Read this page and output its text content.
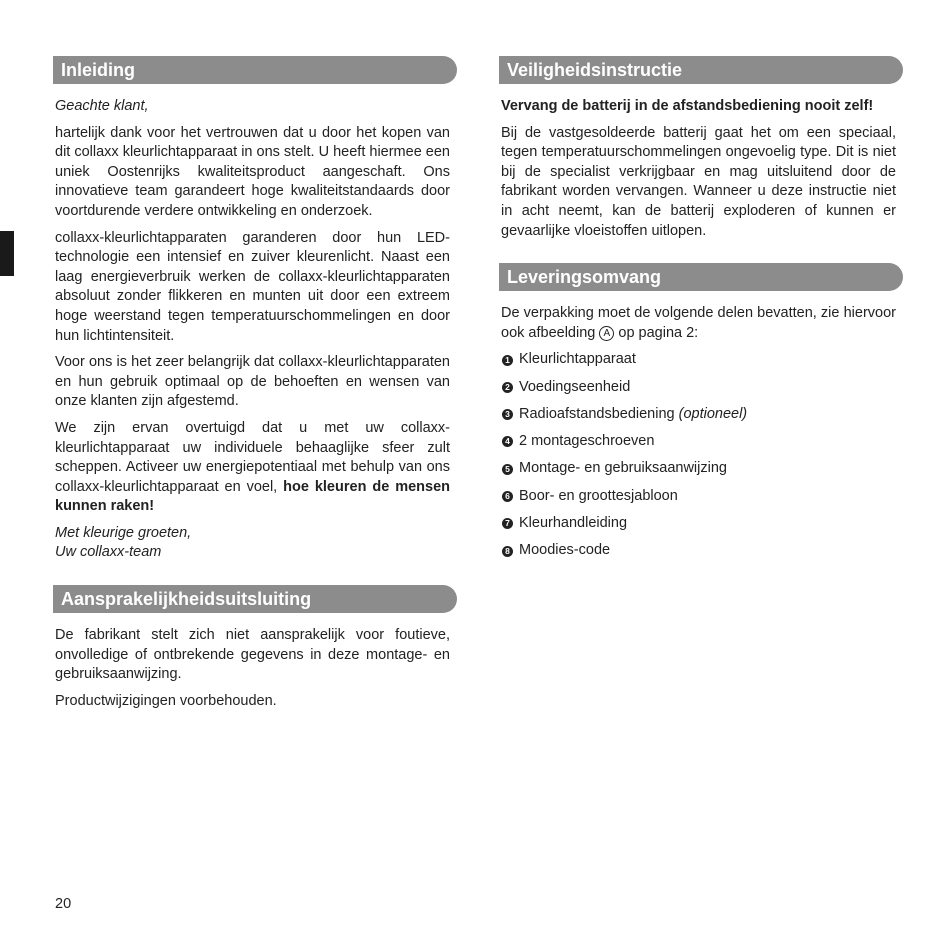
Inleiding

Geachte klant,

hartelijk dank voor het vertrouwen dat u door het kopen van dit collaxx kleurlichtapparaat in ons stelt. U heeft hiermee een uniek Oostenrijks kwaliteitsproduct aangeschaft. Ons innovatieve team garandeert hoge kwaliteitstandaards door voortdurende verdere ontwikkeling en onderzoek.

collaxx-kleurlichtapparaten garanderen door hun LED-technologie een intensief en zuiver kleurenlicht. Naast een laag energieverbruik werken de collaxx-kleurlichtapparaten absoluut zonder flikkeren en munten uit door een extreem hoge weerstand tegen temperatuurschommelingen en door hun lichtintensiteit.

Voor ons is het zeer belangrijk dat collaxx-kleurlichtapparaten en hun gebruik optimaal op de behoeften en wensen van onze klanten zijn afgestemd.

We zijn ervan overtuigd dat u met uw collaxx-kleurlichtapparaat uw individuele behaaglijke sfeer zult scheppen. Activeer uw energiepotentiaal met behulp van ons collaxx-kleurlichtapparaat en voel, hoe kleuren de mensen kunnen raken!

Met kleurige groeten,
Uw collaxx-team

Aansprakelijkheidsuitsluiting

De fabrikant stelt zich niet aansprakelijk voor foutieve, onvolledige of ontbrekende gegevens in deze montage- en gebruiksaanwijzing.

Productwijzigingen voorbehouden.

Veiligheidsinstructie

Vervang de batterij in de afstandsbediening nooit zelf!

Bij de vastgesoldeerde batterij gaat het om een speciaal, tegen temperatuurschommelingen ongevoelig type. Dit is niet bij de specialist verkrijgbaar en mag uitsluitend door de fabrikant worden vervangen. Wanneer u deze instructie niet in acht neemt, kan de batterij exploderen of kunnen er gevaarlijke vloeistoffen uitlopen.

Leveringsomvang

De verpakking moet de volgende delen bevatten, zie hiervoor ook afbeelding A op pagina 2:

1 Kleurlichtapparaat
2 Voedingseenheid
3 Radioafstandsbediening (optioneel)
4 2 montageschroeven
5 Montage- en gebruiksaanwijzing
6 Boor- en groottesjabloon
7 Kleurhandleiding
8 Moodies-code
20
